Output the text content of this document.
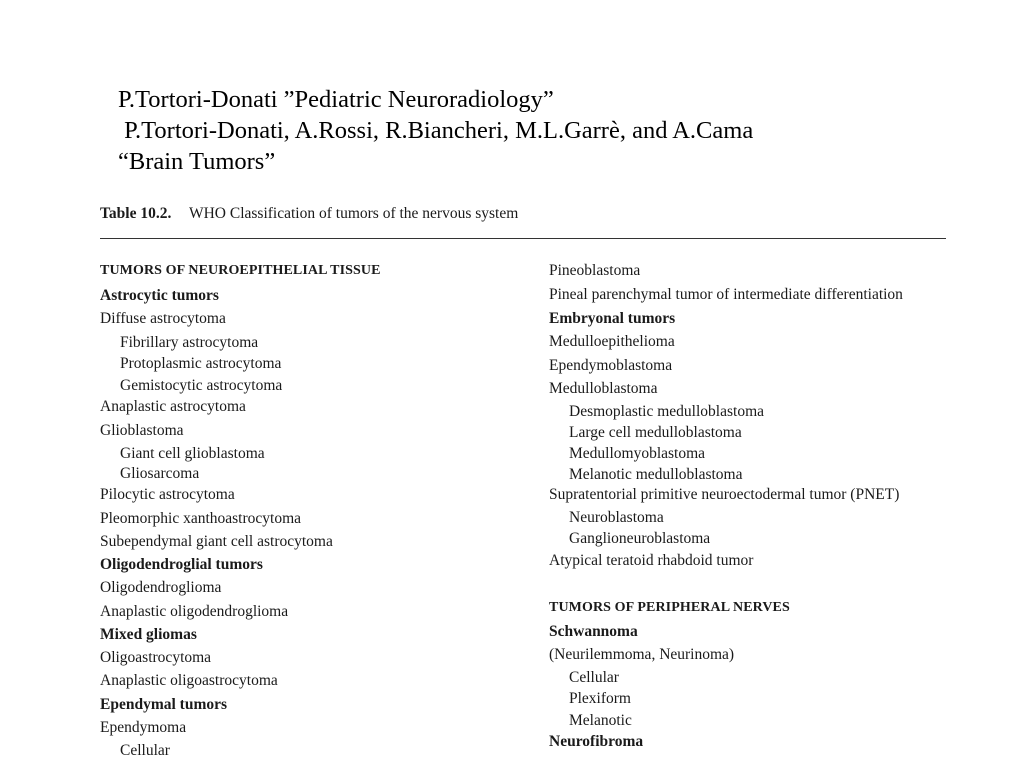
P.Tortori-Donati ”Pediatric Neuroradiology”
P.Tortori-Donati, A.Rossi, R.Biancheri, M.L.Garrè, and A.Cama
“Brain Tumors”
Table 10.2. WHO Classification of tumors of the nervous system
TUMORS OF NEUROEPITHELIAL TISSUE
Astrocytic tumors
Diffuse astrocytoma
Fibrillary astrocytoma
Protoplasmic astrocytoma
Gemistocytic astrocytoma
Anaplastic astrocytoma
Glioblastoma
Giant cell glioblastoma
Gliosarcoma
Pilocytic astrocytoma
Pleomorphic xanthoastrocytoma
Subependymal giant cell astrocytoma
Oligodendroglial tumors
Oligodendroglioma
Anaplastic oligodendroglioma
Mixed gliomas
Oligoastrocytoma
Anaplastic oligoastrocytoma
Ependymal tumors
Ependymoma
Cellular
Pineoblastoma
Pineal parenchymal tumor of intermediate differentiation
Embryonal tumors
Medulloepithelioma
Ependymoblastoma
Medulloblastoma
Desmoplastic medulloblastoma
Large cell medulloblastoma
Medullomyoblastoma
Melanotic medulloblastoma
Supratentorial primitive neuroectodermal tumor (PNET)
Neuroblastoma
Ganglioneuroblastoma
Atypical teratoid rhabdoid tumor
TUMORS OF PERIPHERAL NERVES
Schwannoma
(Neurilemmoma, Neurinoma)
Cellular
Plexiform
Melanotic
Neurofibroma
